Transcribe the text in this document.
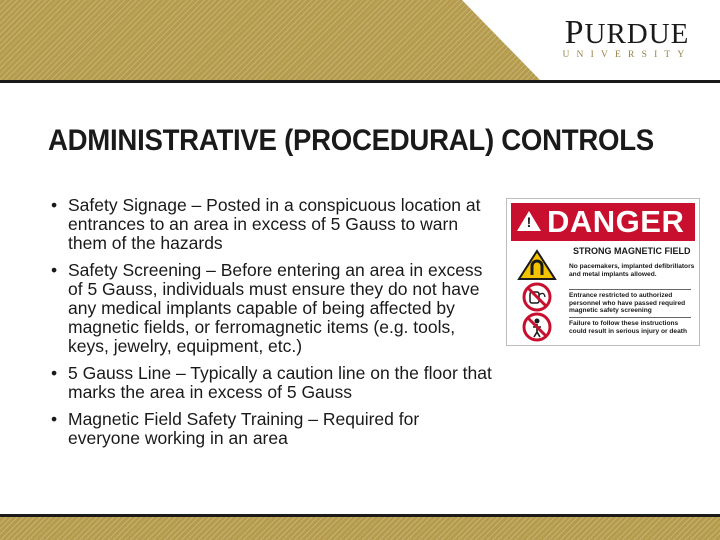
PURDUE
UNIVERSITY
ADMINISTRATIVE (PROCEDURAL) CONTROLS
• Safety Signage – Posted in a conspicuous location at entrances to an area in excess of 5 Gauss to warn them of the hazards
• Safety Screening – Before entering an area in excess of 5 Gauss, individuals must ensure they do not have any medical implants capable of being affected by magnetic fields, or ferromagnetic items (e.g. tools, keys, jewelry, equipment, etc.)
• 5 Gauss Line – Typically a caution line on the floor that marks the area in excess of 5 Gauss
• Magnetic Field Safety Training – Required for everyone working in an area
! DANGER
STRONG MAGNETIC FIELD
No pacemakers, implanted defibrillators and metal implants allowed.
Entrance restricted to authorized personnel who have passed required magnetic safety screening
Failure to follow these instructions could result in serious injury or death
